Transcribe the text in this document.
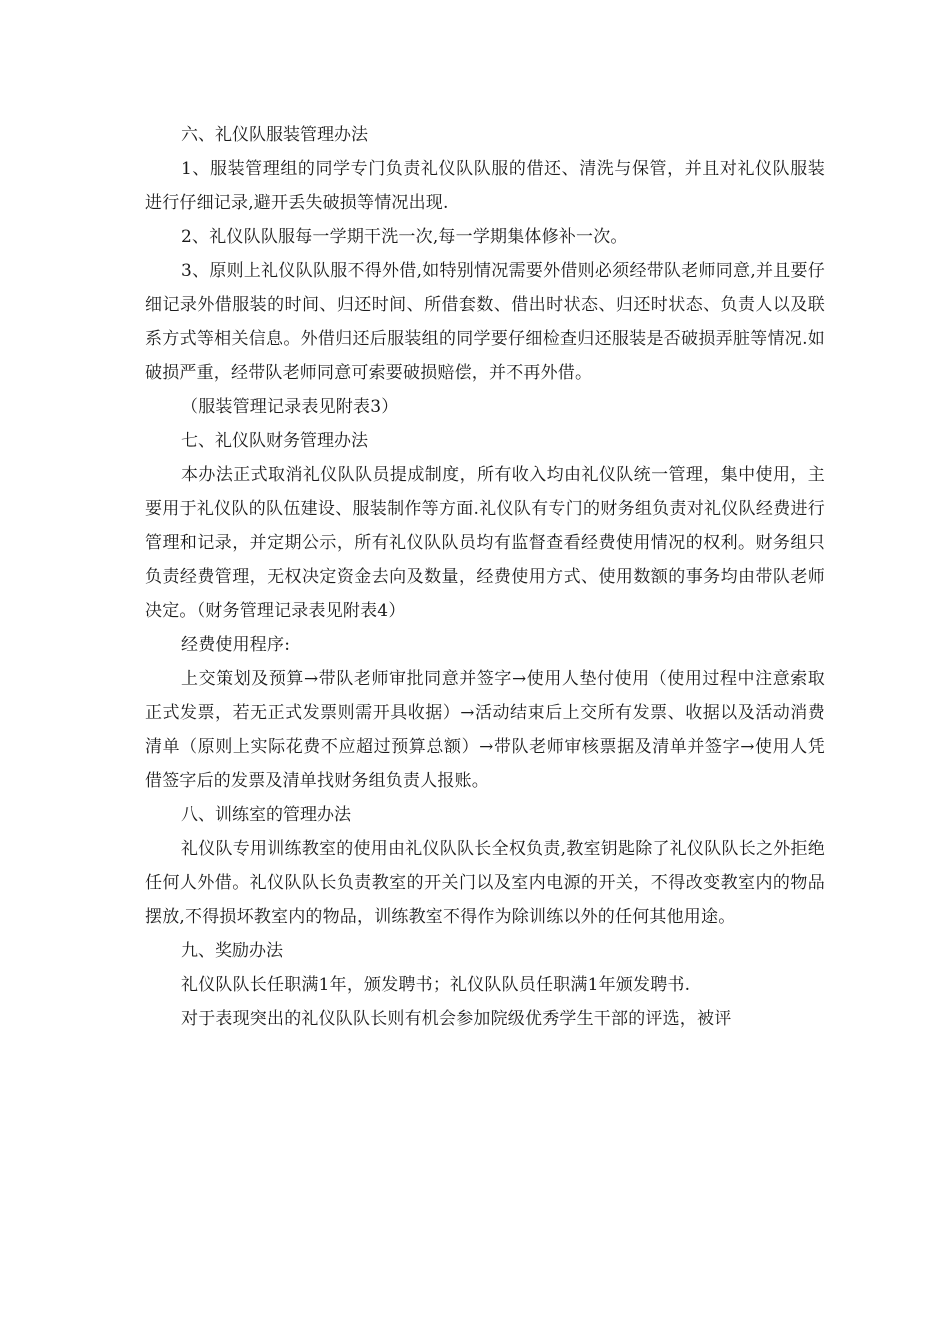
六、礼仪队服装管理办法

1、服装管理组的同学专门负责礼仪队队服的借还、清洗与保管，并且对礼仪队服装进行仔细记录,避开丢失破损等情况出现.

2、礼仪队队服每一学期干洗一次,每一学期集体修补一次。

3、原则上礼仪队队服不得外借,如特别情况需要外借则必须经带队老师同意,并且要仔细记录外借服装的时间、归还时间、所借套数、借出时状态、归还时状态、负责人以及联系方式等相关信息。外借归还后服装组的同学要仔细检查归还服装是否破损弄脏等情况.如破损严重，经带队老师同意可索要破损赔偿，并不再外借。

（服装管理记录表见附表3）

七、礼仪队财务管理办法

本办法正式取消礼仪队队员提成制度，所有收入均由礼仪队统一管理，集中使用，主要用于礼仪队的队伍建设、服装制作等方面.礼仪队有专门的财务组负责对礼仪队经费进行管理和记录，并定期公示，所有礼仪队队员均有监督查看经费使用情况的权利。财务组只负责经费管理，无权决定资金去向及数量，经费使用方式、使用数额的事务均由带队老师决定。（财务管理记录表见附表4）

经费使用程序:

上交策划及预算→带队老师审批同意并签字→使用人垫付使用（使用过程中注意索取正式发票，若无正式发票则需开具收据）→活动结束后上交所有发票、收据以及活动消费清单（原则上实际花费不应超过预算总额）→带队老师审核票据及清单并签字→使用人凭借签字后的发票及清单找财务组负责人报账。

八、训练室的管理办法

礼仪队专用训练教室的使用由礼仪队队长全权负责,教室钥匙除了礼仪队队长之外拒绝任何人外借。礼仪队队长负责教室的开关门以及室内电源的开关，不得改变教室内的物品摆放,不得损坏教室内的物品，训练教室不得作为除训练以外的任何其他用途。

九、奖励办法

礼仪队队长任职满1年，颁发聘书；礼仪队队员任职满1年颁发聘书.

对于表现突出的礼仪队队长则有机会参加院级优秀学生干部的评选，被评
